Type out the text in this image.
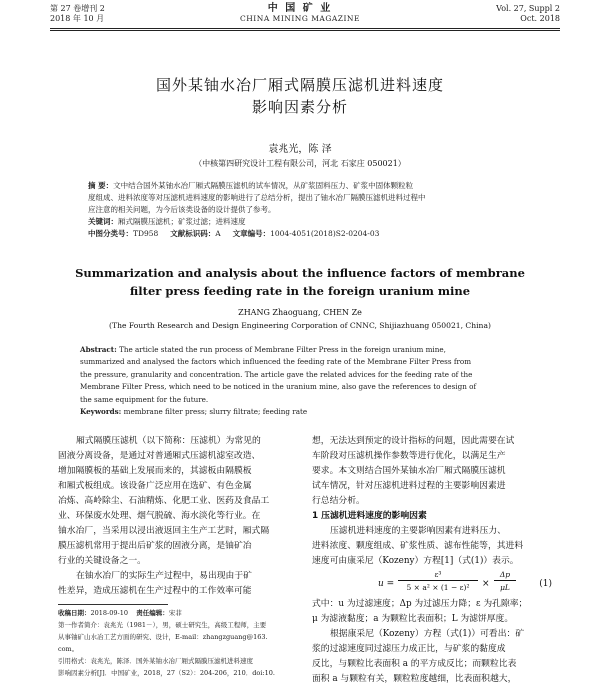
第 27 卷增刊 2
2018 年 10 月
中 国 矿 业
CHINA MINING MAGAZINE
Vol. 27, Suppl 2
Oct. 2018
国外某铀水冶厂厢式隔膜压滤机进料速度
影响因素分析
袁兆光，陈 泽
（中核第四研究设计工程有限公司，河北 石家庄 050021）
摘 要：文中结合国外某铀水冶厂厢式隔膜压滤机的试车情况，从矿浆固料压力、矿浆中固体颗粒粒
度组成、进料浓度等对压滤机进料速度的影响进行了总结分析，提出了铀水冶厂隔膜压滤机进料过程中
应注意的相关问题，为今后该类设备的设计提供了参考。
关键词：厢式隔膜压滤机；矿浆过滤；进料速度
中图分类号：TD958 文献标识码：A 文章编号：1004-4051(2018)S2-0204-03
Summarization and analysis about the influence factors of membrane
filter press feeding rate in the foreign uranium mine
ZHANG Zhaoguang, CHEN Ze
(The Fourth Research and Design Engineering Corporation of CNNC, Shijiazhuang 050021, China)
Abstract: The article stated the run process of Membrane Filter Press in the foreign uranium mine,
summarized and analysed the factors which influenced the feeding rate of the Membrane Filter Press from
the pressure, granularity and concentration. The article gave the related advices for the feeding rate of the
Membrane Filter Press, which need to be noticed in the uranium mine, also gave the references to design of
the same equipment for the future.
Keywords: membrane filter press; slurry filtrate; feeding rate
厢式隔膜压滤机（以下简称：压滤机）为常见的
固液分离设备，是通过对普通厢式压滤机滤室改造、
增加隔膜板的基础上发展而来的，其滤板由隔膜板
和厢式板组成。该设备广泛应用在选矿、有色金属
冶炼、高岭除尘、石油精炼、化肥工业、医药及食品工
业、环保废水处理、烟气脱硫、海水淡化等行业。在
铀水冶厂，当采用以浸出液返回主生产工艺时，厢式隔
膜压滤机常用于提出后矿浆的固液分离，是铀矿冶
行业的关键设备之一。
在铀水冶厂的实际生产过程中，易出现由于矿
性差异，造成压滤机在生产过程中的工作效率可能
收稿日期：2018-09-10 责任编辑：宋菲
第一作者简介：袁兆光（1981－），男，硕士研究生，高级工程师，主要
从事铀矿山水冶工艺方面的研究、设计，E-mail：zhangzguang@163.
com。
引用格式：袁兆光，陈泽．国外某铀水冶厂厢式隔膜压滤机进料速度
影响因素分析[J]．中国矿业，2018，27（S2）：204-206，210．doi:10.
想，无法达到预定的设计指标的问题，因此需要在试
车阶段对压滤机操作参数等进行优化，以满足生产
要求。本文则结合国外某铀水冶厂厢式隔膜压滤机
试车情况，针对压滤机进料过程的主要影响因素进
行总结分析。
1 压滤机进料速度的影响因素
压滤机进料速度的主要影响因素有进料压力、
进料浓度、颗度组成、矿浆性质、滤布性能等，其进料
速度可由康采尼（Kozeny）方程[1]（式(1)）表示。
u =
ε³
5 × a² × (1 − ε)²	×
Δp
μL	(1)
式中：u 为过滤速度；Δp 为过滤压力降；ε 为孔隙率；
μ 为滤液黏度；a 为颗粒比表面积；L 为滤饼厚度。
根据康采尼（Kozeny）方程（式(1)）可看出：矿
浆的过滤速度同过滤压力成正比，与矿浆的黏度成
反比，与颗粒比表面积 a 的平方成反比；而颗粒比表
面积 a 与颗粒有关，颗粒粒度越细，比表面积越大，
